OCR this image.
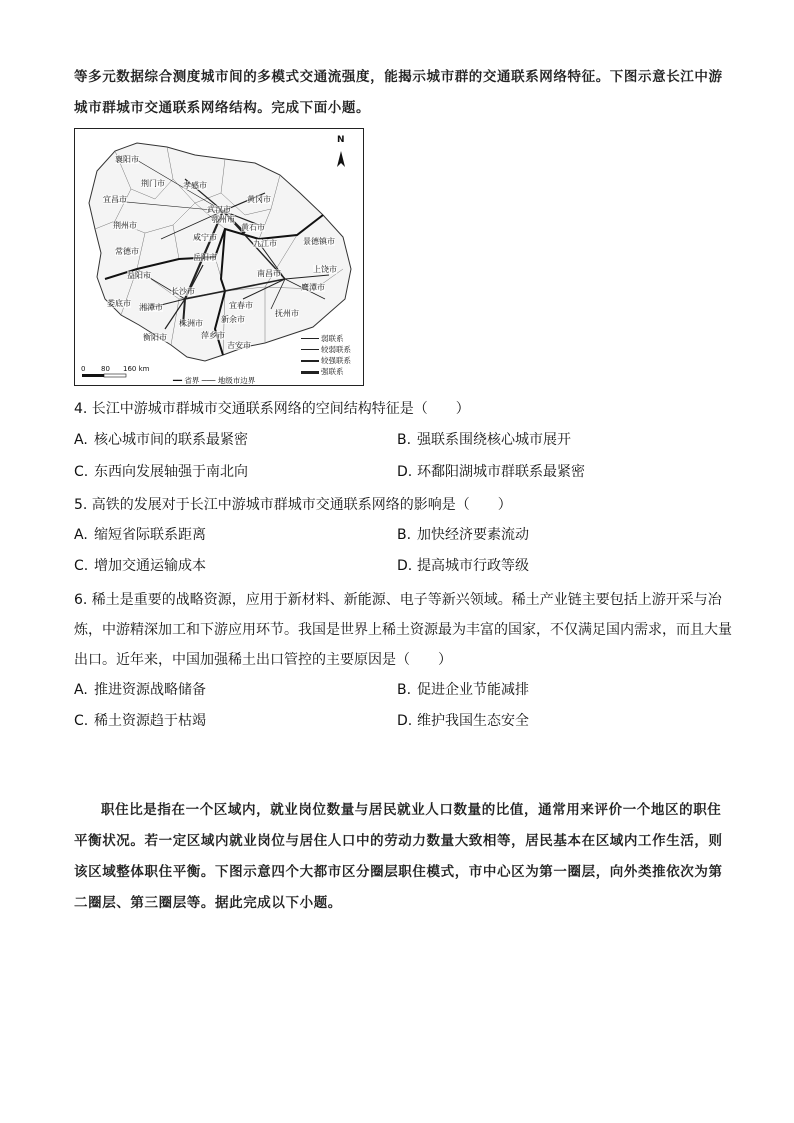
等多元数据综合测度城市间的多模式交通流强度，能揭示城市群的交通联系网络特征。下图示意长江中游城市群城市交通联系网络结构。完成下面小题。
N
襄阳市
荆门市 孝感市
宜昌市
武汉市
黄冈市
荆州市
鄂州市
咸宁市
黄石市
九江市	景德镇市
常德市
岳阳市
益阳市	南昌市	上饶市
鹰潭市
长沙市
娄底市 湘潭市	宜春市
新余市
抚州市
株洲市
萍乡市
衡阳市
吉安市
弱联系
较弱联系
较强联系
强联系
0 80 160 km
━━ 省界 ─── 地级市边界
4. 长江中游城市群城市交通联系网络的空间结构特征是（　　）
A. 核心城市间的联系最紧密	B. 强联系围绕核心城市展开
C. 东西向发展轴强于南北向	D. 环鄱阳湖城市群联系最紧密
5. 高铁的发展对于长江中游城市群城市交通联系网络的影响是（　　）
A. 缩短省际联系距离	B. 加快经济要素流动
C. 增加交通运输成本	D. 提高城市行政等级
6. 稀土是重要的战略资源，应用于新材料、新能源、电子等新兴领域。稀土产业链主要包括上游开采与冶炼，中游精深加工和下游应用环节。我国是世界上稀土资源最为丰富的国家，不仅满足国内需求，而且大量出口。近年来，中国加强稀土出口管控的主要原因是（　　）
A. 推进资源战略储备	B. 促进企业节能减排
C. 稀土资源趋于枯竭	D. 维护我国生态安全
职住比是指在一个区域内，就业岗位数量与居民就业人口数量的比值，通常用来评价一个地区的职住平衡状况。若一定区域内就业岗位与居住人口中的劳动力数量大致相等，居民基本在区域内工作生活，则该区域整体职住平衡。下图示意四个大都市区分圈层职住模式，市中心区为第一圈层，向外类推依次为第二圈层、第三圈层等。据此完成以下小题。
